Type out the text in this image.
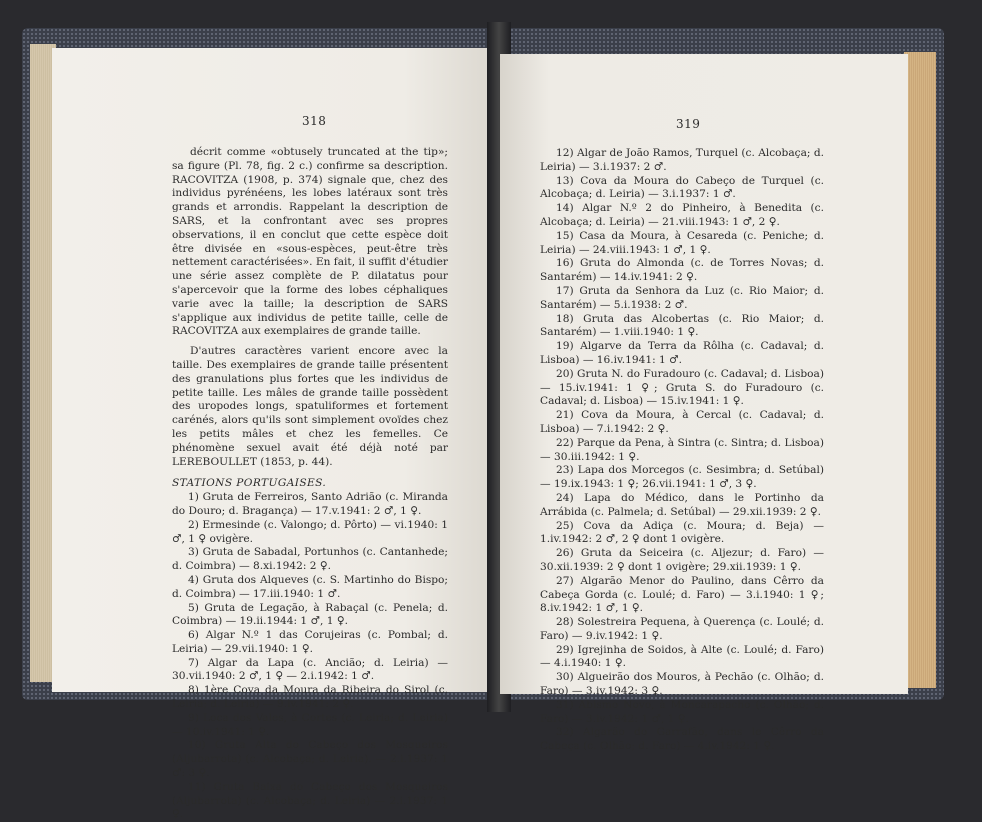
318

décrit comme «obtusely truncated at the tip»; sa figure (Pl. 78, fig. 2 c.) confirme sa description. RACOVITZA (1908, p. 374) signale que, chez des individus pyrénéens, les lobes latéraux sont très grands et arrondis. Rappelant la description de SARS, et la confrontant avec ses propres observations, il en conclut que cette espèce doit être divisée en «sous-espèces, peut-être très nettement caractérisées». En fait, il suffit d'étudier une série assez complète de P. dilatatus pour s'apercevoir que la forme des lobes céphaliques varie avec la taille; la description de SARS s'applique aux individus de petite taille, celle de RACOVITZA aux exemplaires de grande taille.

D'autres caractères varient encore avec la taille. Des exemplaires de grande taille présentent des granulations plus fortes que les individus de petite taille. Les mâles de grande taille possèdent des uropodes longs, spatuliformes et fortement carénés, alors qu'ils sont simplement ovoïdes chez les petits mâles et chez les femelles. Ce phénomène sexuel avait été déjà noté par LEREBOULLET (1853, p. 44).

STATIONS PORTUGAISES.

1) Gruta de Ferreiros, Santo Adrião (c. Miranda do Douro; d. Bragança) — 17.v.1941: 2 ♂, 1 ♀.

2) Ermesinde (c. Valongo; d. Pôrto) — vi.1940: 1 ♂, 1 ♀ ovigère.

3) Gruta de Sabadal, Portunhos (c. Cantanhede; d. Coimbra) — 8.xi.1942: 2 ♀.

4) Gruta dos Alqueves (c. S. Martinho do Bispo; d. Coimbra) — 17.iii.1940: 1 ♂.

5) Gruta de Legação, à Rabaçal (c. Penela; d. Coimbra) — 19.ii.1944: 1 ♂, 1 ♀.

6) Algar N.º 1 das Corujeiras (c. Pombal; d. Leiria) — 29.vii.1940: 1 ♀.

7) Algar da Lapa (c. Ancião; d. Leiria) — 30.vii.1940: 2 ♂, 1 ♀ — 2.i.1942: 1 ♂.

8) 1ère Cova da Moura da Ribeira do Sirol (c. Leiria; d. Leiria) — 9.iv.1941: 2 ♀.

9) Loca dos Vales, à Cortes (c. Leiria; d. Leiria) — 10.iv.1941: 1 ♀.

10) Gruta Alta do Cabeço dos Mosqueiros (Aljubarrota) (c. Alcobaça; d. Leiria). — 2.i.1937: 1 ♂: 3 ♀.

11) Gruta Baixa do Cabeço dos Mosqueiros (Aljubarrota) (c. Alcobaça; d. Leiria) — 2.i.1937: 1 ♀.

319

12) Algar de João Ramos, Turquel (c. Alcobaça; d. Leiria) — 3.i.1937: 2 ♂.

13) Cova da Moura do Cabeço de Turquel (c. Alcobaça; d. Leiria) — 3.i.1937: 1 ♂.

14) Algar N.º 2 do Pinheiro, à Benedita (c. Alcobaça; d. Leiria) — 21.viii.1943: 1 ♂, 2 ♀.

15) Casa da Moura, à Cesareda (c. Peniche; d. Leiria) — 24.viii.1943: 1 ♂, 1 ♀.

16) Gruta do Almonda (c. de Torres Novas; d. Santarém) — 14.iv.1941: 2 ♀.

17) Gruta da Senhora da Luz (c. Rio Maior; d. Santarém) — 5.i.1938: 2 ♂.

18) Gruta das Alcobertas (c. Rio Maior; d. Santarém) — 1.viii.1940: 1 ♀.

19) Algarve da Terra da Rôlha (c. Cadaval; d. Lisboa) — 16.iv.1941: 1 ♂.

20) Gruta N. do Furadouro (c. Cadaval; d. Lisboa) — 15.iv.1941: 1 ♀; Gruta S. do Furadouro (c. Cadaval; d. Lisboa) — 15.iv.1941: 1 ♀.

21) Cova da Moura, à Cercal (c. Cadaval; d. Lisboa) — 7.i.1942: 2 ♀.

22) Parque da Pena, à Sintra (c. Sintra; d. Lisboa) — 30.iii.1942: 1 ♀.

23) Lapa dos Morcegos (c. Sesimbra; d. Setúbal) — 19.ix.1943: 1 ♀; 26.vii.1941: 1 ♂, 3 ♀.

24) Lapa do Médico, dans le Portinho da Arrábida (c. Palmela; d. Setúbal) — 29.xii.1939: 2 ♀.

25) Cova da Adiça (c. Moura; d. Beja) — 1.iv.1942: 2 ♂, 2 ♀ dont 1 ovigère.

26) Gruta da Seiceira (c. Aljezur; d. Faro) — 30.xii.1939: 2 ♀ dont 1 ovigère; 29.xii.1939: 1 ♀.

27) Algarão Menor do Paulino, dans Cêrro da Cabeça Gorda (c. Loulé; d. Faro) — 3.i.1940: 1 ♀; 8.iv.1942: 1 ♂, 1 ♀.

28) Solestreira Pequena, à Querença (c. Loulé; d. Faro) — 9.iv.1942: 1 ♀.

29) Igrejinha de Soidos, à Alte (c. Loulé; d. Faro) — 4.i.1940: 1 ♀.

30) Algueirão dos Mouros, à Pechão (c. Olhão; d. Faro) — 3.iv.1942: 3 ♀.

31) Abismo Novo, à Moncarapacho (c. Olhão; d. Faro) — 3.iv.1942: 1 ♂, 1 ♀.

32) Algarão do Garrafão, dans le Cêrro da Cabeça (c. Olhão; d. Faro) — 4.iv.1942: 1 ♀.
